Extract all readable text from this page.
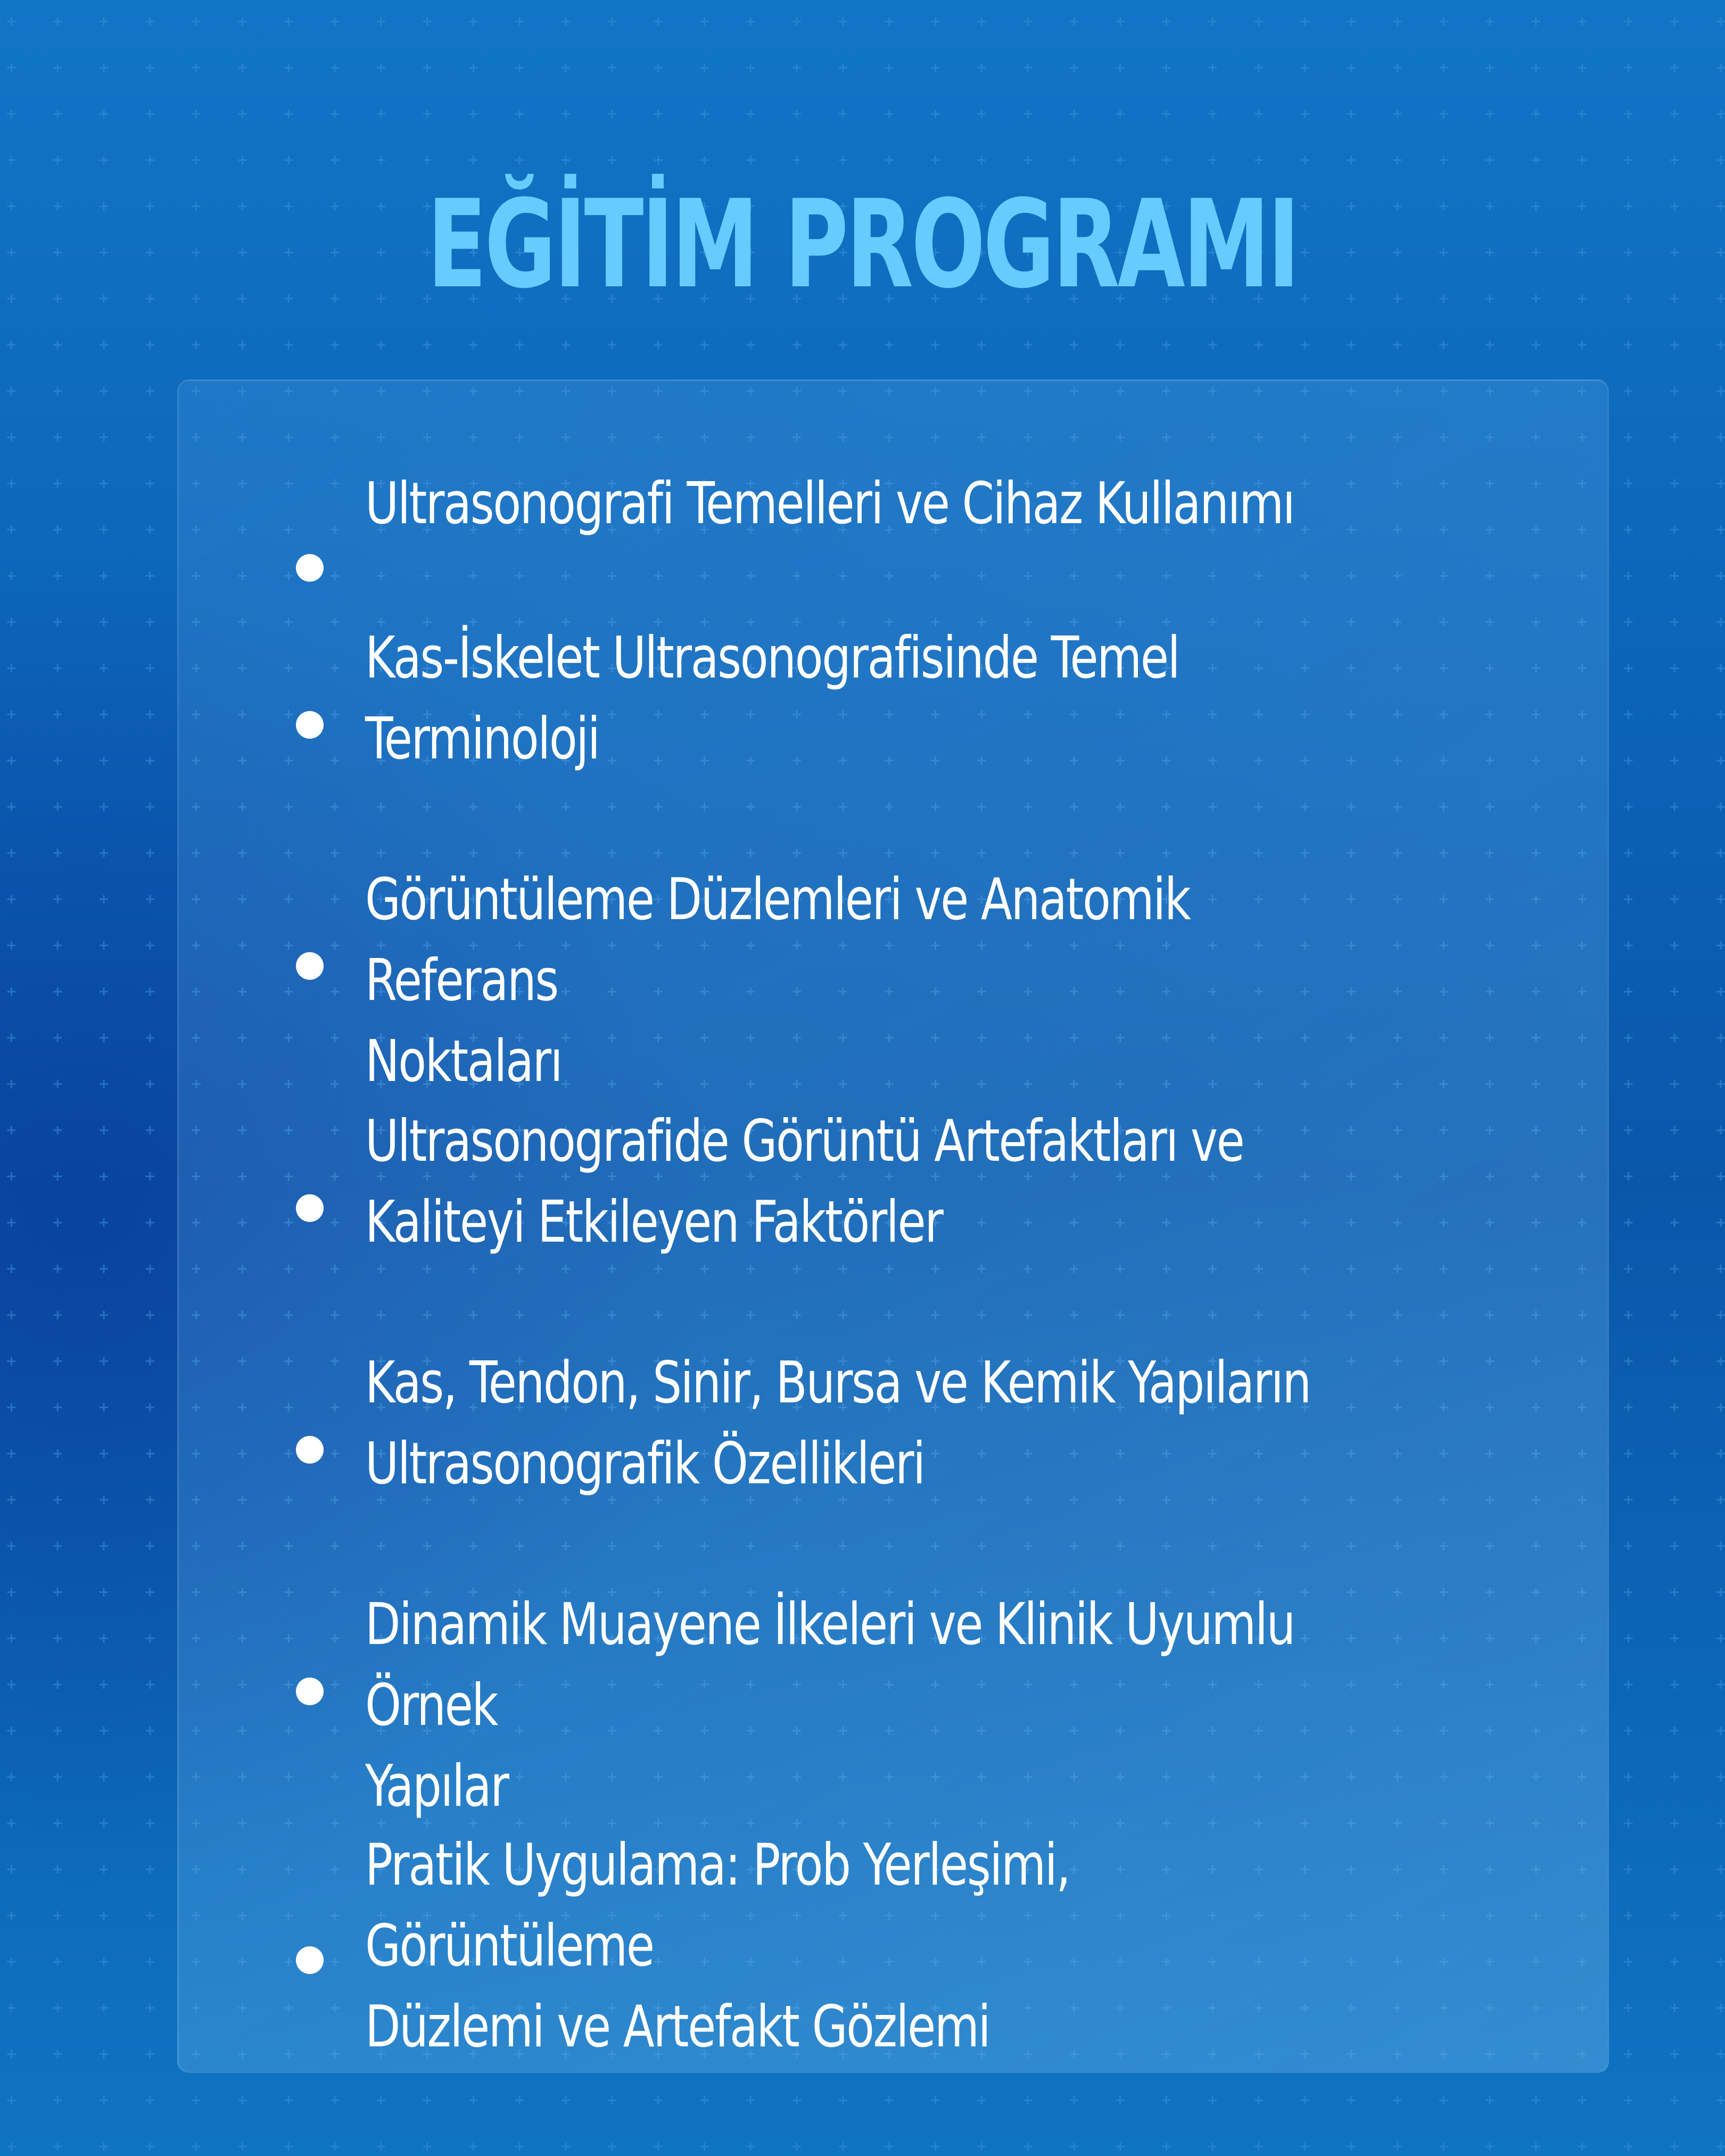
EĞİTİM PROGRAMI
Ultrasonografi Temelleri ve Cihaz Kullanımı
Kas-İskelet Ultrasonografisinde Temel
Terminoloji
Görüntüleme Düzlemleri ve Anatomik Referans
Noktaları
Ultrasonografide Görüntü Artefaktları ve
Kaliteyi Etkileyen Faktörler
Kas, Tendon, Sinir, Bursa ve Kemik Yapıların
Ultrasonografik Özellikleri
Dinamik Muayene İlkeleri ve Klinik Uyumlu Örnek
Yapılar
Pratik Uygulama: Prob Yerleşimi, Görüntüleme
Düzlemi ve Artefakt Gözlemi
